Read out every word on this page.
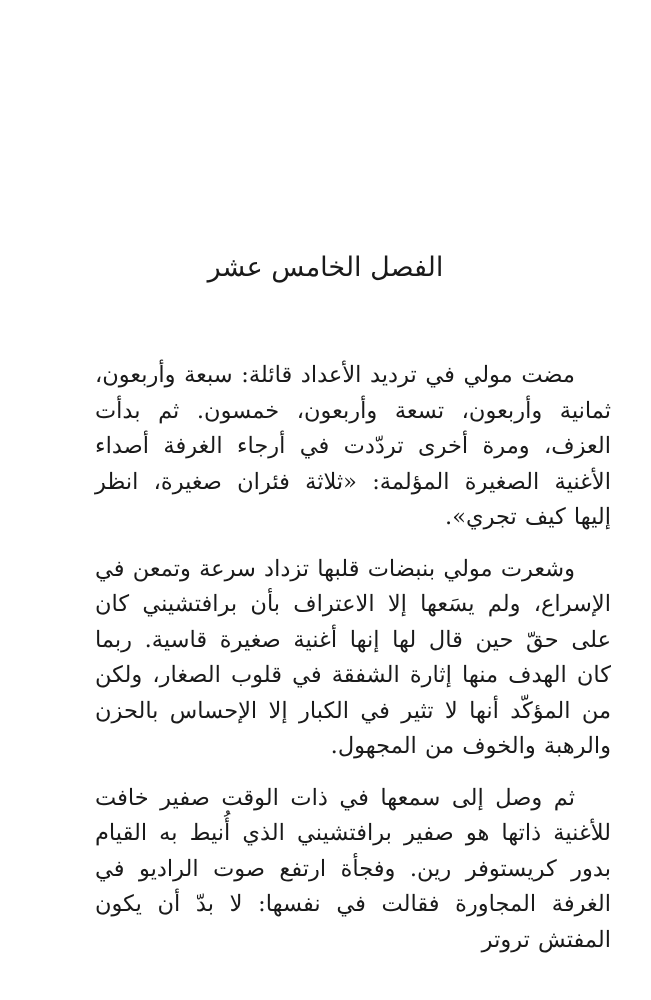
الفصل الخامس عشر

مضت مولي في ترديد الأعداد قائلة: سبعة وأربعون، ثمانية وأربعون، تسعة وأربعون، خمسون. ثم بدأت العزف، ومرة أخرى تردّدت في أرجاء الغرفة أصداء الأغنية الصغيرة المؤلمة: «ثلاثة فئران صغيرة، انظر إليها كيف تجري».

وشعرت مولي بنبضات قلبها تزداد سرعة وتمعن في الإسراع، ولم يسَعها إلا الاعتراف بأن برافتشيني كان على حقّ حين قال لها إنها أغنية صغيرة قاسية. ربما كان الهدف منها إثارة الشفقة في قلوب الصغار، ولكن من المؤكّد أنها لا تثير في الكبار إلا الإحساس بالحزن والرهبة والخوف من المجهول.

ثم وصل إلى سمعها في ذات الوقت صفير خافت للأغنية ذاتها هو صفير برافتشيني الذي أُنيط به القيام بدور كريستوفر رين. وفجأة ارتفع صوت الراديو في الغرفة المجاورة فقالت في نفسها: لا بدّ أن يكون المفتش تروتر
